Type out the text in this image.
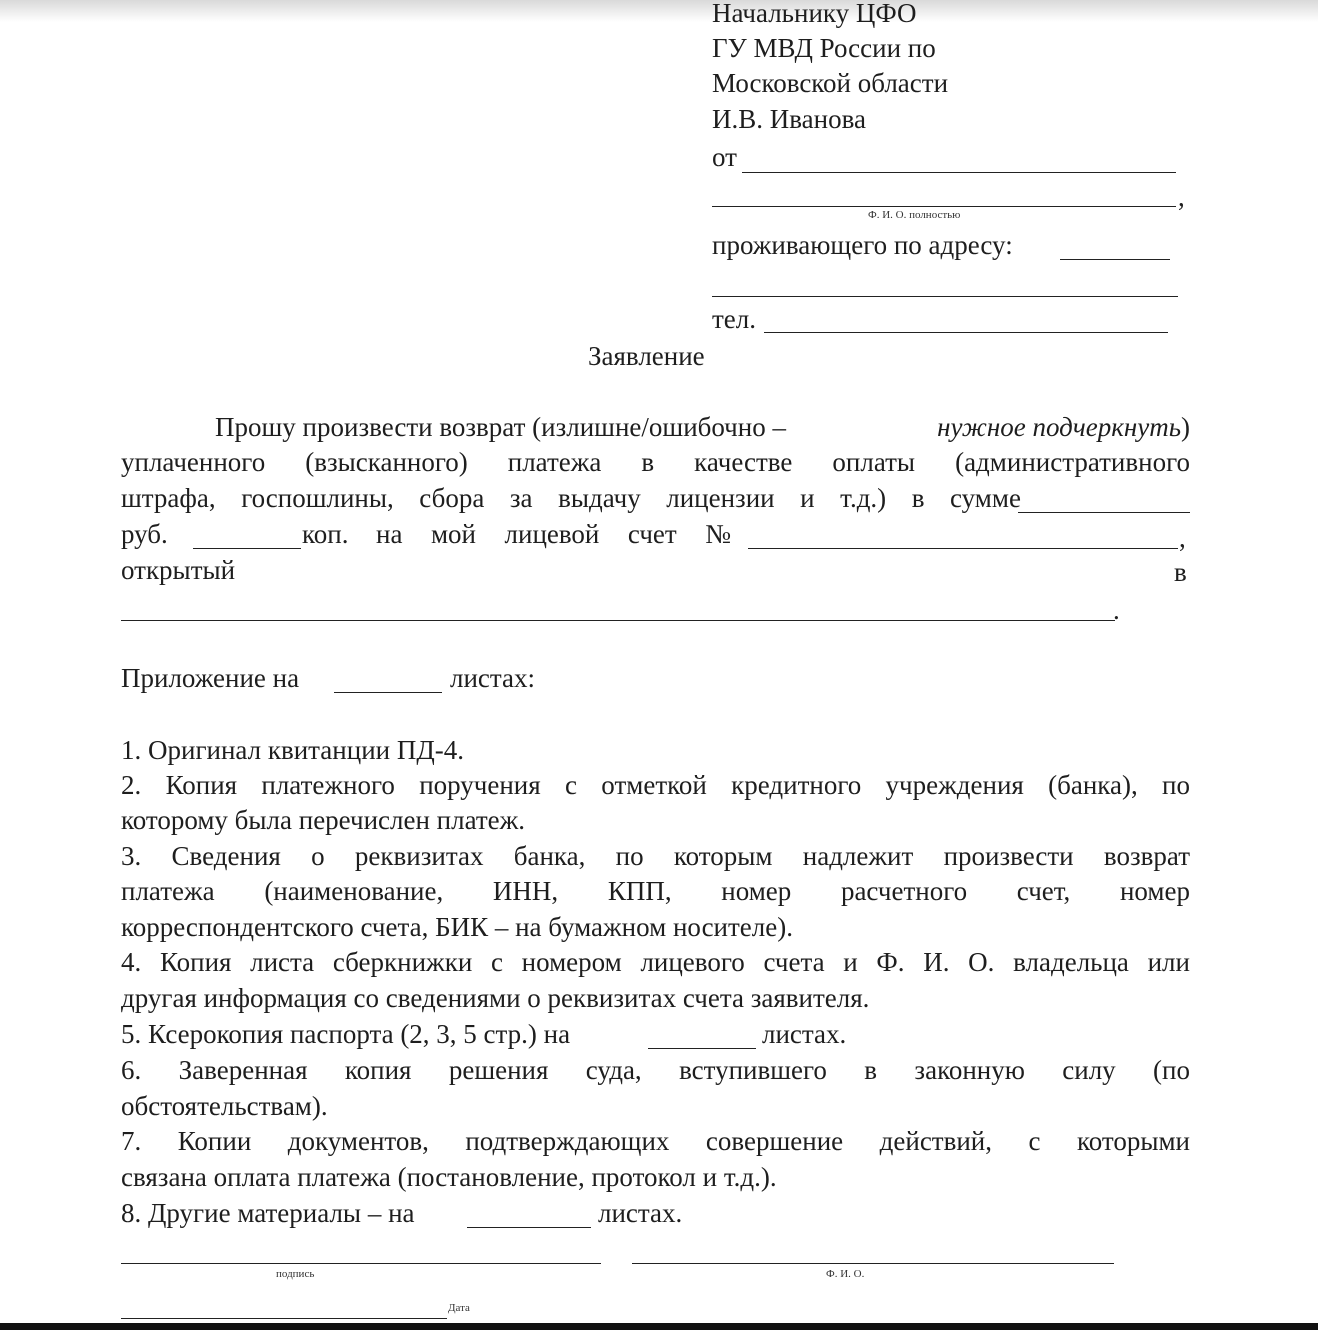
Начальнику ЦФО
ГУ МВД России по
Московской области
И.В. Иванова
от
,
Ф. И. О. полностью
проживающего по адресу:
тел.
Заявление
Прошу произвести возврат (излишне/ошибочно –	нужное подчеркнуть)
уплаченного (взысканного) платежа в качестве оплаты (административного
штрафа, госпошлины, сбора за выдачу лицензии и т.д.) в сумме
руб.	коп. на мой лицевой счет №	,
открытый	в
.
Приложение на	листах:
1. Оригинал квитанции ПД-4.
2. Копия платежного поручения с отметкой кредитного учреждения (банка), по
которому была перечислен платеж.
3. Сведения о реквизитах банка, по которым надлежит произвести возврат
платежа (наименование, ИНН, КПП, номер расчетного счет, номер
корреспондентского счета, БИК – на бумажном носителе).
4. Копия листа сберкнижки с номером лицевого счета и Ф. И. О. владельца или
другая информация со сведениями о реквизитах счета заявителя.
5. Ксерокопия паспорта (2, 3, 5 стр.) на	листах.
6. Заверенная копия решения суда, вступившего в законную силу (по
обстоятельствам).
7. Копии документов, подтверждающих совершение действий, с которыми
связана оплата платежа (постановление, протокол и т.д.).
8. Другие материалы – на	листах.
подпись	Ф. И. О.
Дата
